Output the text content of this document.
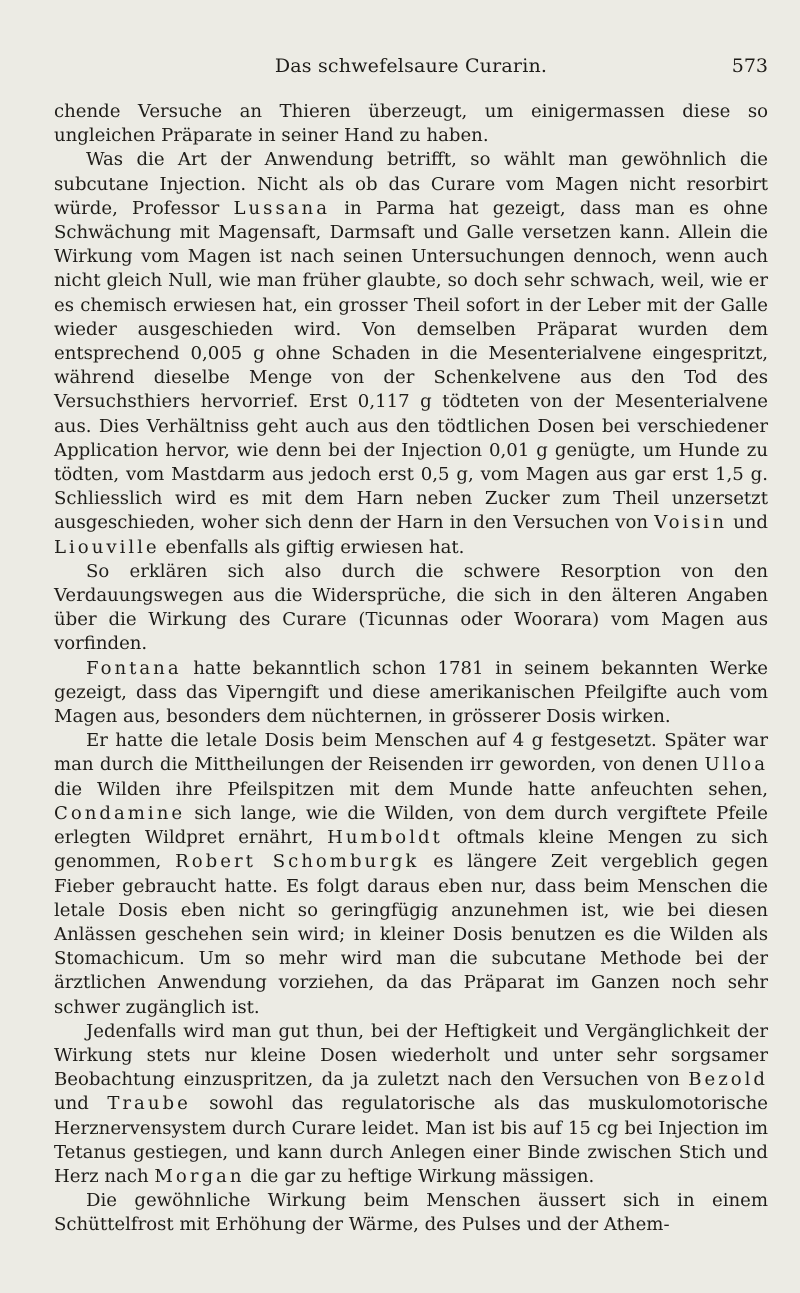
Das schwefelsaure Curarin.	573

chende Versuche an Thieren überzeugt, um einigermassen diese so ungleichen Präparate in seiner Hand zu haben.

Was die Art der Anwendung betrifft, so wählt man gewöhnlich die subcutane Injection. Nicht als ob das Curare vom Magen nicht resorbirt würde, Professor Lussana in Parma hat gezeigt, dass man es ohne Schwächung mit Magensaft, Darmsaft und Galle versetzen kann. Allein die Wirkung vom Magen ist nach seinen Untersuchungen dennoch, wenn auch nicht gleich Null, wie man früher glaubte, so doch sehr schwach, weil, wie er es chemisch erwiesen hat, ein grosser Theil sofort in der Leber mit der Galle wieder ausgeschieden wird. Von demselben Präparat wurden dem entsprechend 0,005 g ohne Schaden in die Mesenterialvene eingespritzt, während dieselbe Menge von der Schenkelvene aus den Tod des Versuchsthiers hervorrief. Erst 0,117 g tödteten von der Mesenterialvene aus. Dies Verhältniss geht auch aus den tödtlichen Dosen bei verschiedener Application hervor, wie denn bei der Injection 0,01 g genügte, um Hunde zu tödten, vom Mastdarm aus jedoch erst 0,5 g, vom Magen aus gar erst 1,5 g. Schliesslich wird es mit dem Harn neben Zucker zum Theil unzersetzt ausgeschieden, woher sich denn der Harn in den Versuchen von Voisin und Liouville ebenfalls als giftig erwiesen hat.

So erklären sich also durch die schwere Resorption von den Verdauungswegen aus die Widersprüche, die sich in den älteren Angaben über die Wirkung des Curare (Ticunnas oder Woorara) vom Magen aus vorfinden.

Fontana hatte bekanntlich schon 1781 in seinem bekannten Werke gezeigt, dass das Viperngift und diese amerikanischen Pfeilgifte auch vom Magen aus, besonders dem nüchternen, in grösserer Dosis wirken.

Er hatte die letale Dosis beim Menschen auf 4 g festgesetzt. Später war man durch die Mittheilungen der Reisenden irr geworden, von denen Ulloa die Wilden ihre Pfeilspitzen mit dem Munde hatte anfeuchten sehen, Condamine sich lange, wie die Wilden, von dem durch vergiftete Pfeile erlegten Wildpret ernährt, Humboldt oftmals kleine Mengen zu sich genommen, Robert Schomburgk es längere Zeit vergeblich gegen Fieber gebraucht hatte. Es folgt daraus eben nur, dass beim Menschen die letale Dosis eben nicht so geringfügig anzunehmen ist, wie bei diesen Anlässen geschehen sein wird; in kleiner Dosis benutzen es die Wilden als Stomachicum. Um so mehr wird man die subcutane Methode bei der ärztlichen Anwendung vorziehen, da das Präparat im Ganzen noch sehr schwer zugänglich ist.

Jedenfalls wird man gut thun, bei der Heftigkeit und Vergänglichkeit der Wirkung stets nur kleine Dosen wiederholt und unter sehr sorgsamer Beobachtung einzuspritzen, da ja zuletzt nach den Versuchen von Bezold und Traube sowohl das regulatorische als das muskulomotorische Herznervensystem durch Curare leidet. Man ist bis auf 15 cg bei Injection im Tetanus gestiegen, und kann durch Anlegen einer Binde zwischen Stich und Herz nach Morgan die gar zu heftige Wirkung mässigen.

Die gewöhnliche Wirkung beim Menschen äussert sich in einem Schüttelfrost mit Erhöhung der Wärme, des Pulses und der Athem-
